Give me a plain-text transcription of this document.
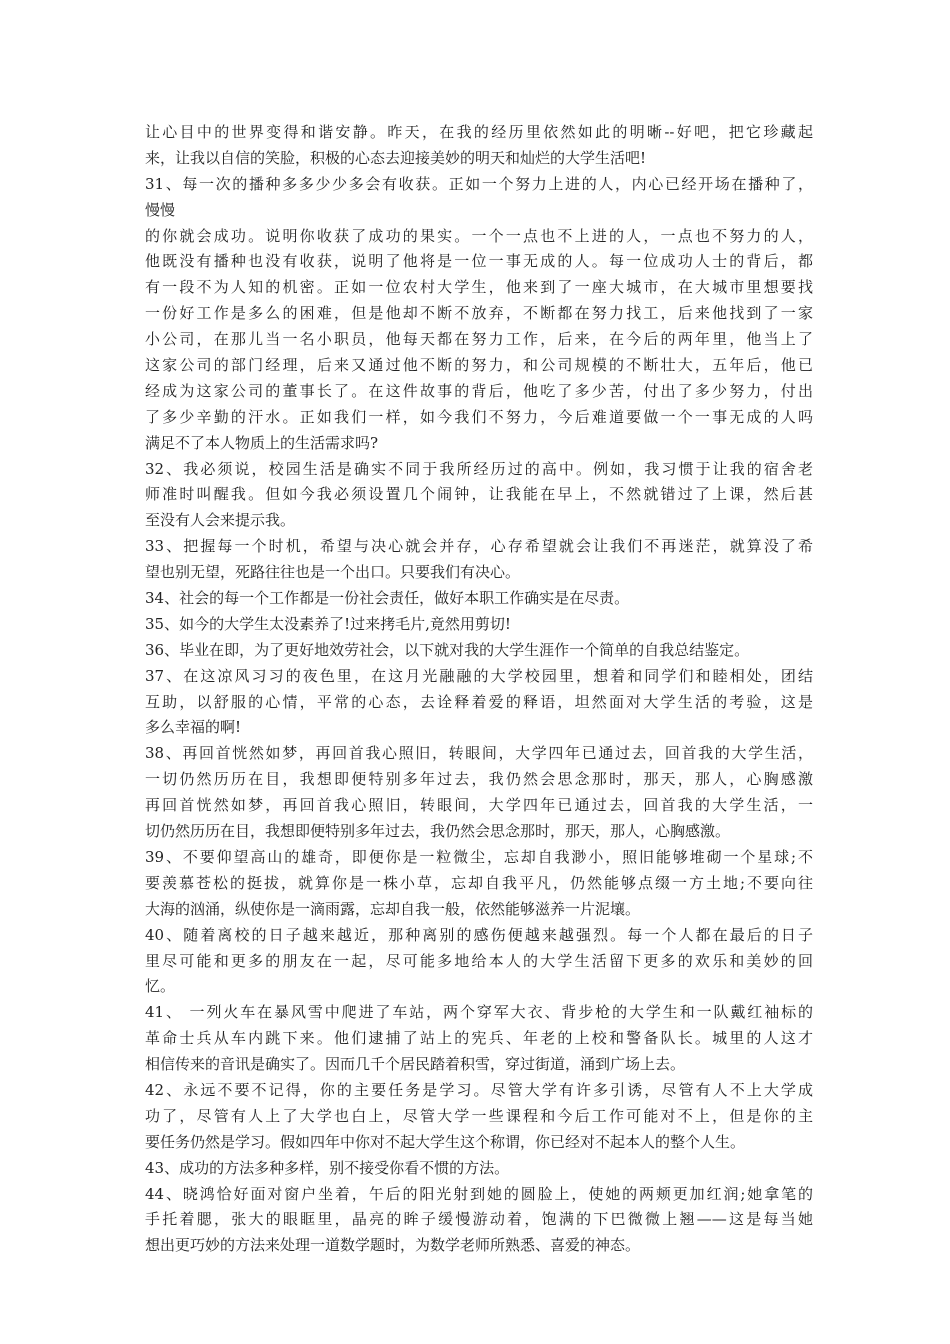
让心目中的世界变得和谐安静。昨天，在我的经历里依然如此的明晰--好吧，把它珍藏起
来，让我以自信的笑脸，积极的心态去迎接美妙的明天和灿烂的大学生活吧!
31、每一次的播种多多少少多会有收获。正如一个努力上进的人，内心已经开场在播种了，
慢慢
的你就会成功。说明你收获了成功的果实。一个一点也不上进的人，一点也不努力的人，
他既没有播种也没有收获，说明了他将是一位一事无成的人。每一位成功人士的背后，都
有一段不为人知的机密。正如一位农村大学生，他来到了一座大城市，在大城市里想要找
一份好工作是多么的困难，但是他却不断不放弃，不断都在努力找工，后来他找到了一家
小公司，在那儿当一名小职员，他每天都在努力工作，后来，在今后的两年里，他当上了
这家公司的部门经理，后来又通过他不断的努力，和公司规模的不断壮大，五年后，他已
经成为这家公司的董事长了。在这件故事的背后，他吃了多少苦，付出了多少努力，付出
了多少辛勤的汗水。正如我们一样，如今我们不努力，今后难道要做一个一事无成的人吗
满足不了本人物质上的生活需求吗?
32、我必须说，校园生活是确实不同于我所经历过的高中。例如，我习惯于让我的宿舍老
师准时叫醒我。但如今我必须设置几个闹钟，让我能在早上，不然就错过了上课，然后甚
至没有人会来提示我。
33、把握每一个时机，希望与决心就会并存，心存希望就会让我们不再迷茫，就算没了希
望也别无望，死路往往也是一个出口。只要我们有决心。
34、社会的每一个工作都是一份社会责任，做好本职工作确实是在尽责。
35、如今的大学生太没素养了!过来拷毛片,竟然用剪切!
36、毕业在即，为了更好地效劳社会，以下就对我的大学生涯作一个简单的自我总结鉴定。
37、在这凉风习习的夜色里，在这月光融融的大学校园里，想着和同学们和睦相处，团结
互助，以舒服的心情，平常的心态，去诠释着爱的释语，坦然面对大学生活的考验，这是
多么幸福的啊!
38、再回首恍然如梦，再回首我心照旧，转眼间，大学四年已通过去，回首我的大学生活，
一切仍然历历在目，我想即便特别多年过去，我仍然会思念那时，那天，那人，心胸感激
再回首恍然如梦，再回首我心照旧，转眼间，大学四年已通过去，回首我的大学生活，一
切仍然历历在目，我想即便特别多年过去，我仍然会思念那时，那天，那人，心胸感激。
39、不要仰望高山的雄奇，即便你是一粒微尘，忘却自我渺小，照旧能够堆砌一个星球;不
要羡慕苍松的挺拔，就算你是一株小草，忘却自我平凡，仍然能够点缀一方土地;不要向往
大海的汹涌，纵使你是一滴雨露，忘却自我一般，依然能够滋养一片泥壤。
40、随着离校的日子越来越近，那种离别的感伤便越来越强烈。每一个人都在最后的日子
里尽可能和更多的朋友在一起，尽可能多地给本人的大学生活留下更多的欢乐和美妙的回
忆。
41、 一列火车在暴风雪中爬进了车站，两个穿军大衣、背步枪的大学生和一队戴红袖标的
革命士兵从车内跳下来。他们逮捕了站上的宪兵、年老的上校和警备队长。城里的人这才
相信传来的音讯是确实了。因而几千个居民踏着积雪，穿过街道，涌到广场上去。
42、永远不要不记得，你的主要任务是学习。尽管大学有许多引诱，尽管有人不上大学成
功了，尽管有人上了大学也白上，尽管大学一些课程和今后工作可能对不上，但是你的主
要任务仍然是学习。假如四年中你对不起大学生这个称谓，你已经对不起本人的整个人生。
43、成功的方法多种多样，别不接受你看不惯的方法。
44、晓鸿恰好面对窗户坐着，午后的阳光射到她的圆脸上，使她的两颊更加红润;她拿笔的
手托着腮，张大的眼眶里，晶亮的眸子缓慢游动着，饱满的下巴微微上翘——这是每当她
想出更巧妙的方法来处理一道数学题时，为数学老师所熟悉、喜爱的神态。
